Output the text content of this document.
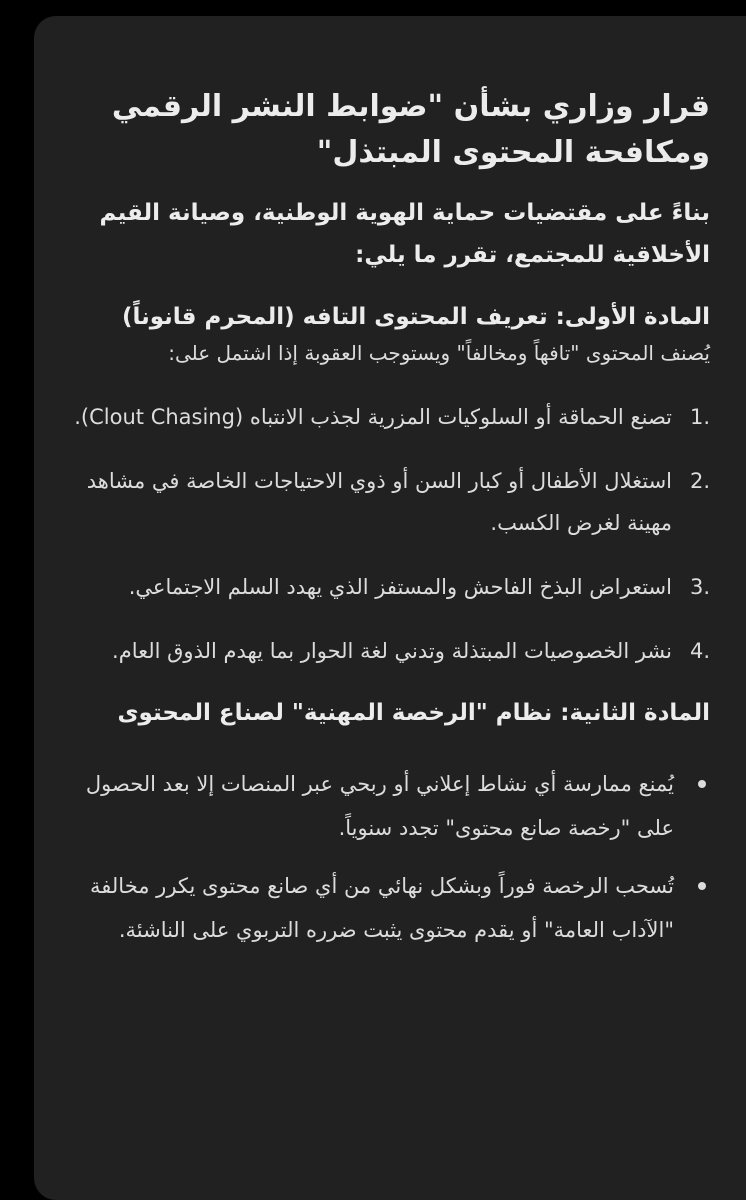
قرار وزاري بشأن "ضوابط النشر الرقمي ومكافحة المحتوى المبتذل"

بناءً على مقتضيات حماية الهوية الوطنية، وصيانة القيم الأخلاقية للمجتمع، تقرر ما يلي:

المادة الأولى: تعريف المحتوى التافه (المحرم قانوناً)

يُصنف المحتوى "تافهاً ومخالفاً" ويستوجب العقوبة إذا اشتمل على:

1.
تصنع الحماقة أو السلوكيات المزرية لجذب الانتباه (Clout Chasing).
2.
استغلال الأطفال أو كبار السن أو ذوي الاحتياجات الخاصة في مشاهد مهينة لغرض الكسب.
3.
استعراض البذخ الفاحش والمستفز الذي يهدد السلم الاجتماعي.
4.
نشر الخصوصيات المبتذلة وتدني لغة الحوار بما يهدم الذوق العام.
المادة الثانية: نظام "الرخصة المهنية" لصناع المحتوى
يُمنع ممارسة أي نشاط إعلاني أو ربحي عبر المنصات إلا بعد الحصول على "رخصة صانع محتوى" تجدد سنوياً.
تُسحب الرخصة فوراً وبشكل نهائي من أي صانع محتوى يكرر مخالفة "الآداب العامة" أو يقدم محتوى يثبت ضرره التربوي على الناشئة.
